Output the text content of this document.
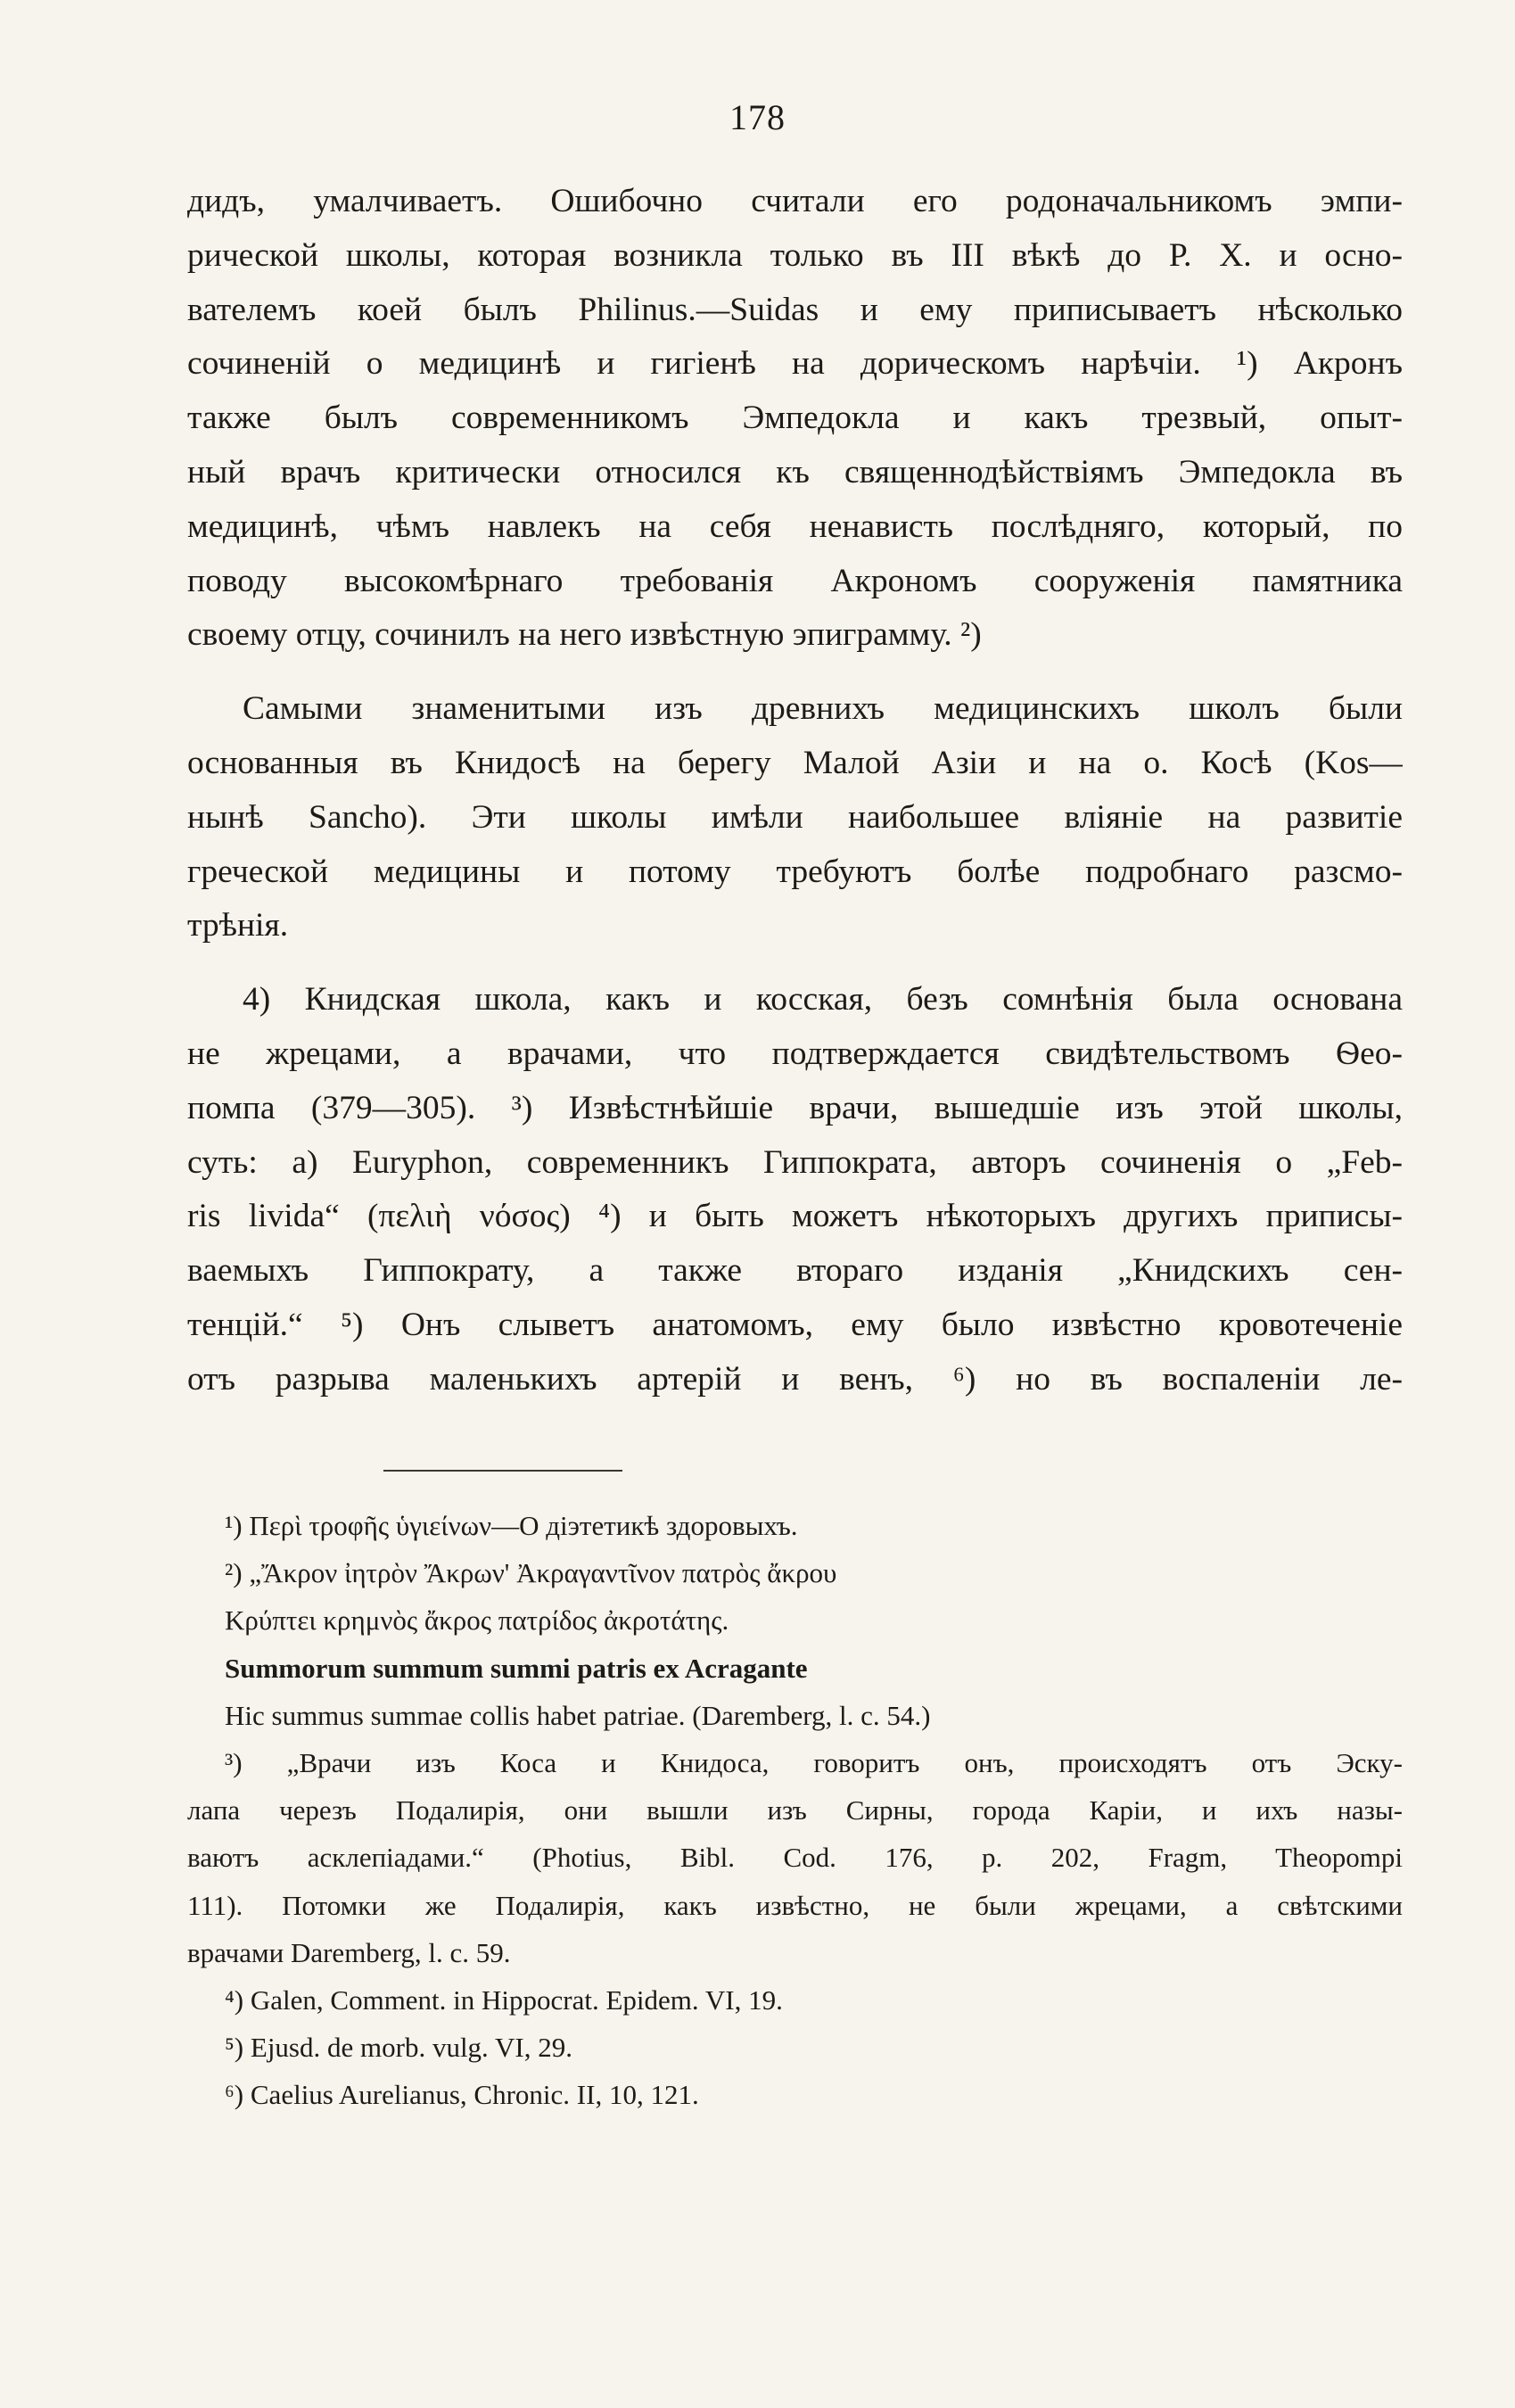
178
дидъ, умалчиваетъ. Ошибочно считали его родоначальникомъ эмпи-
рической школы, которая возникла только въ III вѣкѣ до Р. Х. и осно-
вателемъ коей былъ Philinus.—Suidas и ему приписываетъ нѣсколько
сочиненій о медицинѣ и гигіенѣ на дорическомъ нарѣчіи. ¹) Акронъ
также былъ современникомъ Эмпедокла и какъ трезвый, опыт-
ный врачъ критически относился къ священнодѣйствіямъ Эмпедокла въ
медицинѣ, чѣмъ навлекъ на себя ненависть послѣдняго, который, по
поводу высокомѣрнаго требованія Акрономъ сооруженія памятника
своему отцу, сочинилъ на него извѣстную эпиграмму. ²)
Самыми знаменитыми изъ древнихъ медицинскихъ школъ были
основанныя въ Книдосѣ на берегу Малой Азіи и на о. Косѣ (Kos—
нынѣ Sancho). Эти школы имѣли наибольшее вліяніе на развитіе
греческой медицины и потому требуютъ болѣе подробнаго разсмо-
трѣнія.
4) Книдская школа, какъ и косская, безъ сомнѣнія была основана
не жрецами, а врачами, что подтверждается свидѣтельствомъ Ѳео-
помпа (379—305). ³) Извѣстнѣйшіе врачи, вышедшіе изъ этой школы,
суть: а) Euryphon, современникъ Гиппократа, авторъ сочиненія о „Feb-
ris livida“ (πελιὴ νόσος) ⁴) и быть можетъ нѣкоторыхъ другихъ приписы-
ваемыхъ Гиппократу, а также втораго изданія „Книдскихъ сен-
тенцій.“ ⁵) Онъ слыветъ анатомомъ, ему было извѣстно кровотеченіе
отъ разрыва маленькихъ артерій и венъ, ⁶) но въ воспаленіи ле-
¹) Περὶ τροφῆς ὑγιείνων—О діэтетикѣ здоровыхъ.
²) „Ἄκρον ἰητρὸν Ἄκρων' Ἀκραγαντῖνον πατρὸς ἄκρου
Κρύπτει κρημνὸς ἄκρος πατρίδος ἀκροτάτης.
Summorum summum summi patris ex Acragante
Hic summus summae collis habet patriae. (Daremberg, l. c. 54.)
³) „Врачи изъ Коса и Книдоса, говоритъ онъ, происходятъ отъ Эску-
лапа черезъ Подалирія, они вышли изъ Сирны, города Каріи, и ихъ назы-
ваютъ асклепіадами.“ (Photius, Bibl. Cod. 176, p. 202, Fragm, Theopompi
111). Потомки же Подалирія, какъ извѣстно, не были жрецами, а свѣтскими
врачами Daremberg, l. c. 59.
⁴) Galen, Comment. in Hippocrat. Epidem. VI, 19.
⁵) Ejusd. de morb. vulg. VI, 29.
⁶) Caelius Aurelianus, Chronic. II, 10, 121.
